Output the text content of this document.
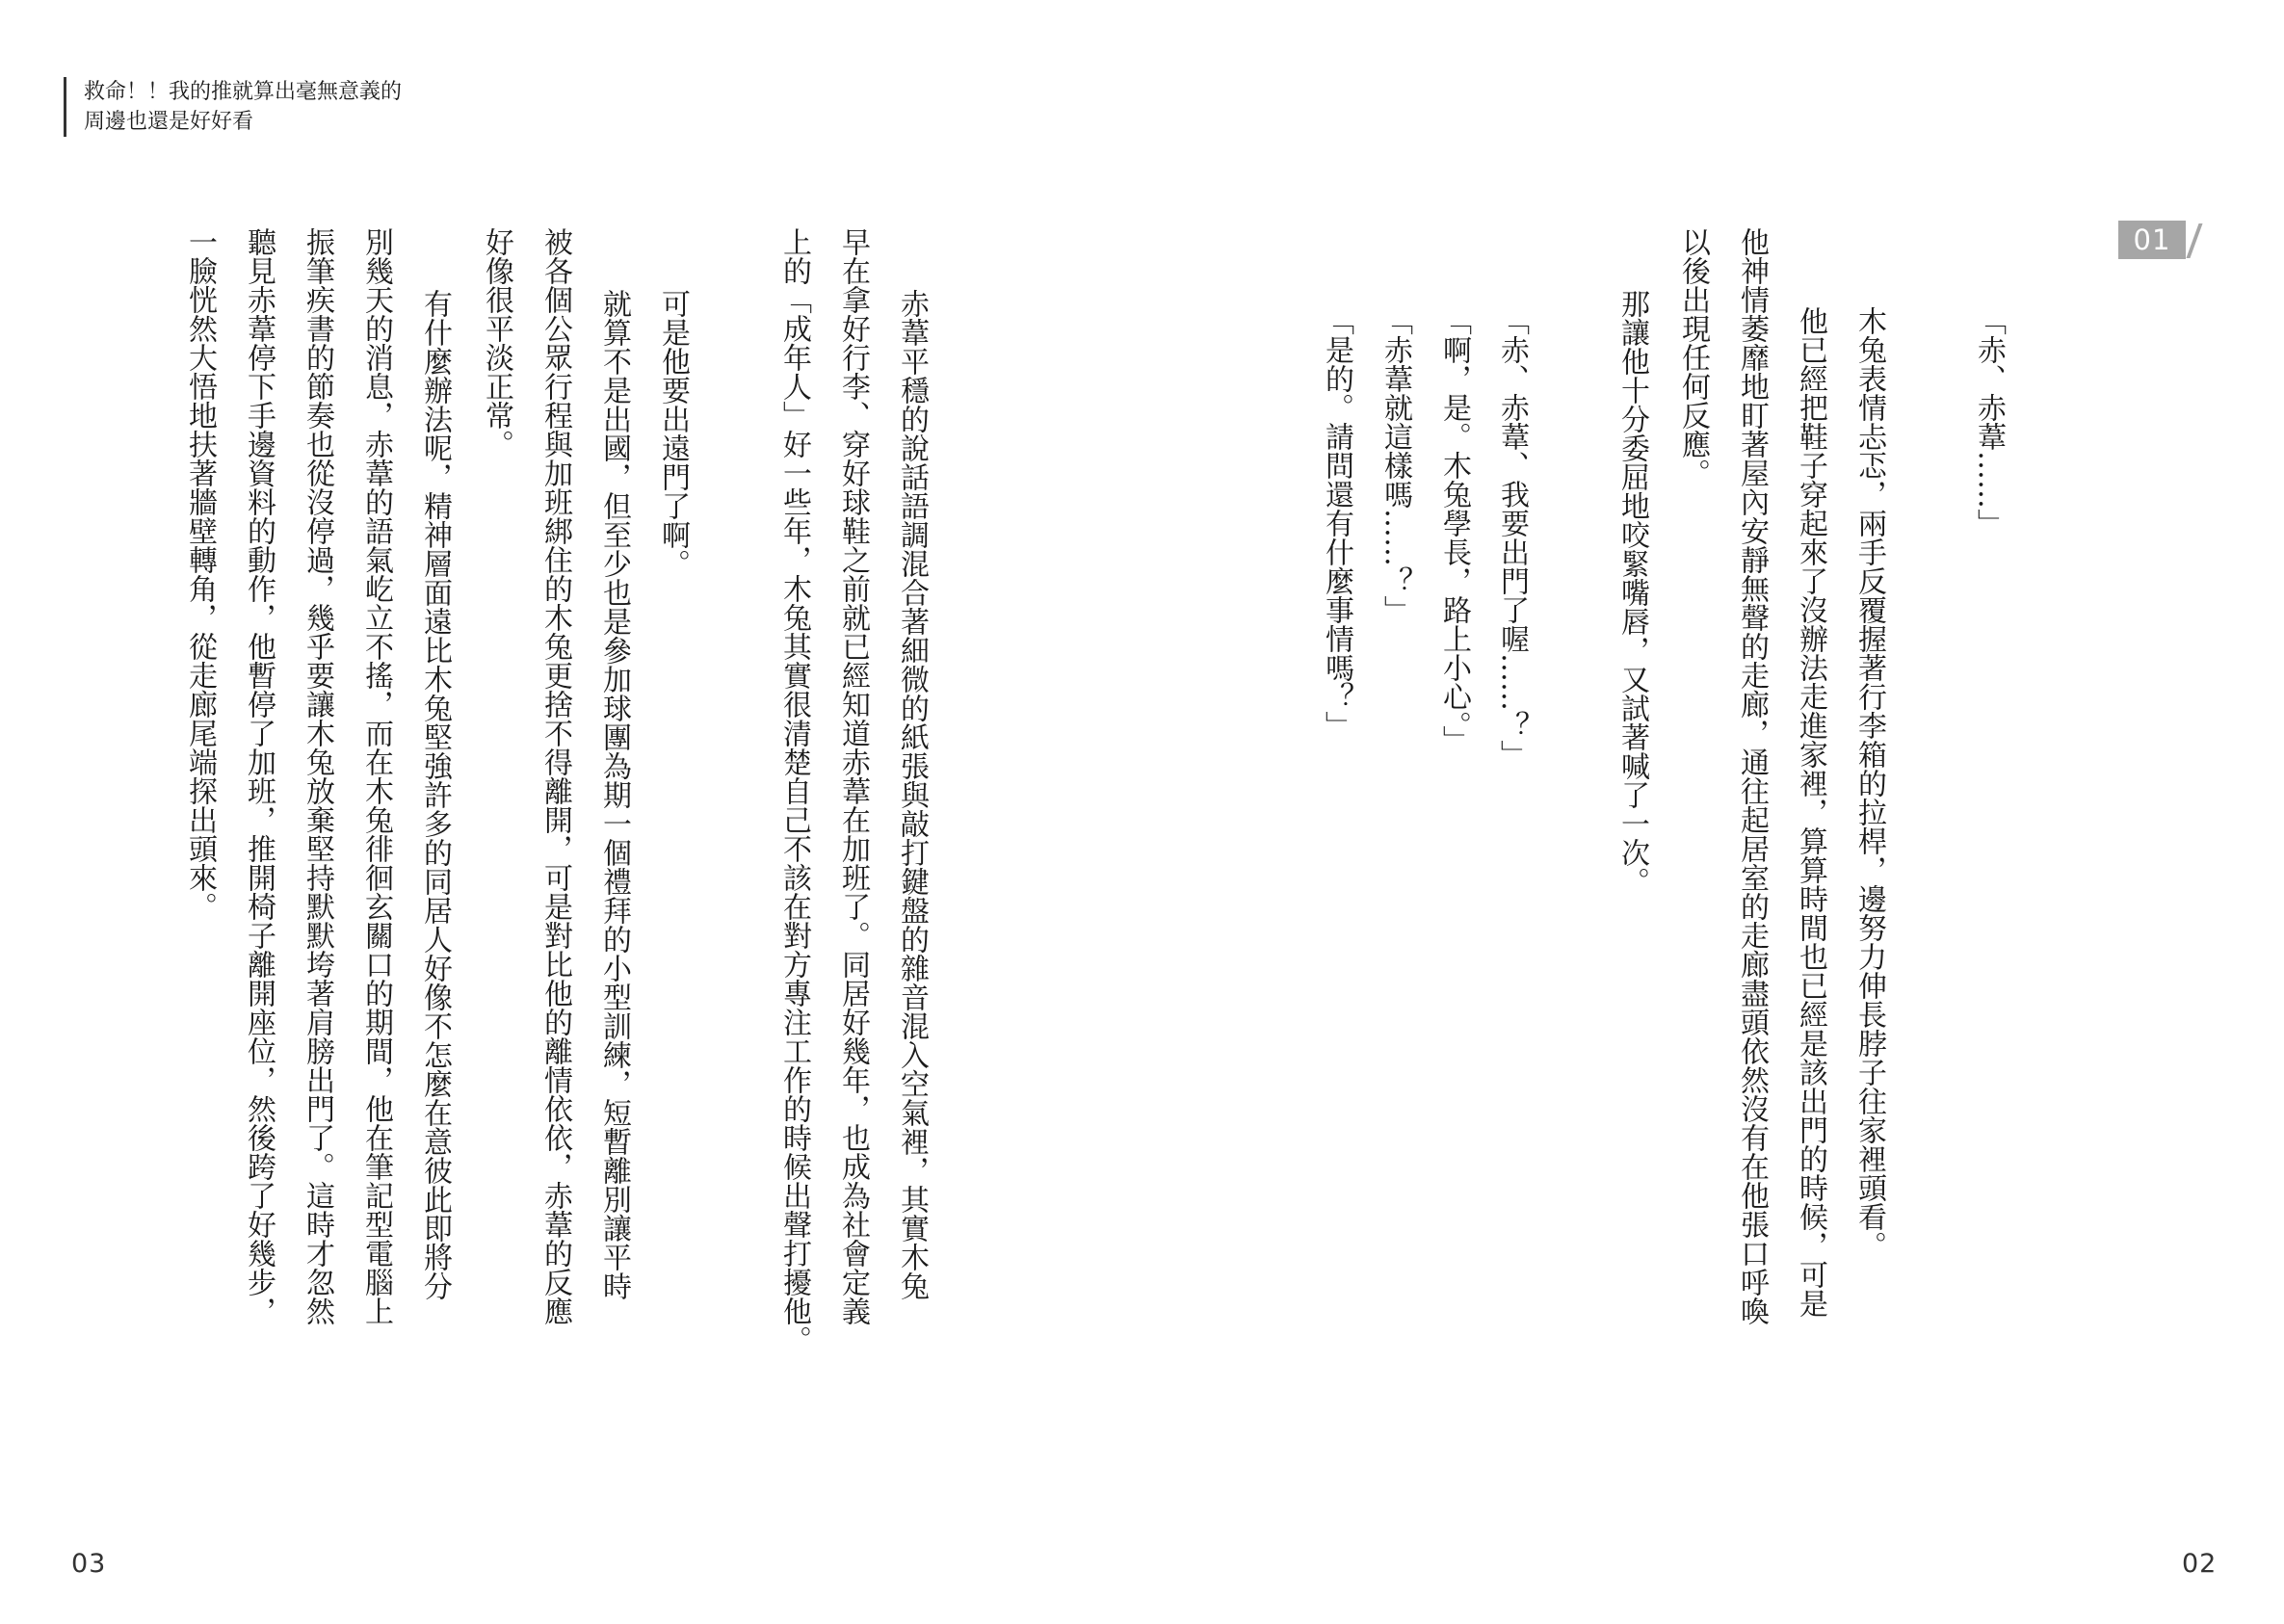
救命！！我的推就算出毫無意義的
周邊也還是好好看
01
「赤、赤葦……」
木兔表情忐忑，兩手反覆握著行李箱的拉桿，邊努力伸長脖子往家裡頭看。
他已經把鞋子穿起來了沒辦法走進家裡，算算時間也已經是該出門的時候，可是
他神情萎靡地盯著屋內安靜無聲的走廊，通往起居室的走廊盡頭依然沒有在他張口呼喚
以後出現任何反應。
那讓他十分委屈地咬緊嘴唇，又試著喊了一次。
「赤、赤葦、我要出門了喔……？」
「啊，是。木兔學長，路上小心。」
「赤葦就這樣嗎……？」
「是的。請問還有什麼事情嗎？」
赤葦平穩的說話語調混合著細微的紙張與敲打鍵盤的雜音混入空氣裡，其實木兔
早在拿好行李、穿好球鞋之前就已經知道赤葦在加班了。同居好幾年，也成為社會定義
上的「成年人」好一些年，木兔其實很清楚自己不該在對方專注工作的時候出聲打擾他。
可是他要出遠門了啊。
就算不是出國，但至少也是參加球團為期一個禮拜的小型訓練，短暫離別讓平時
被各個公眾行程與加班綁住的木兔更捨不得離開，可是對比他的離情依依，赤葦的反應
好像很平淡正常。
有什麼辦法呢，精神層面遠比木兔堅強許多的同居人好像不怎麼在意彼此即將分
別幾天的消息，赤葦的語氣屹立不搖，而在木兔徘徊玄關口的期間，他在筆記型電腦上
振筆疾書的節奏也從沒停過，幾乎要讓木兔放棄堅持默默垮著肩膀出門了。這時才忽然
聽見赤葦停下手邊資料的動作，他暫停了加班，推開椅子離開座位，然後跨了好幾步，
一臉恍然大悟地扶著牆壁轉角，從走廊尾端探出頭來。
03	02
